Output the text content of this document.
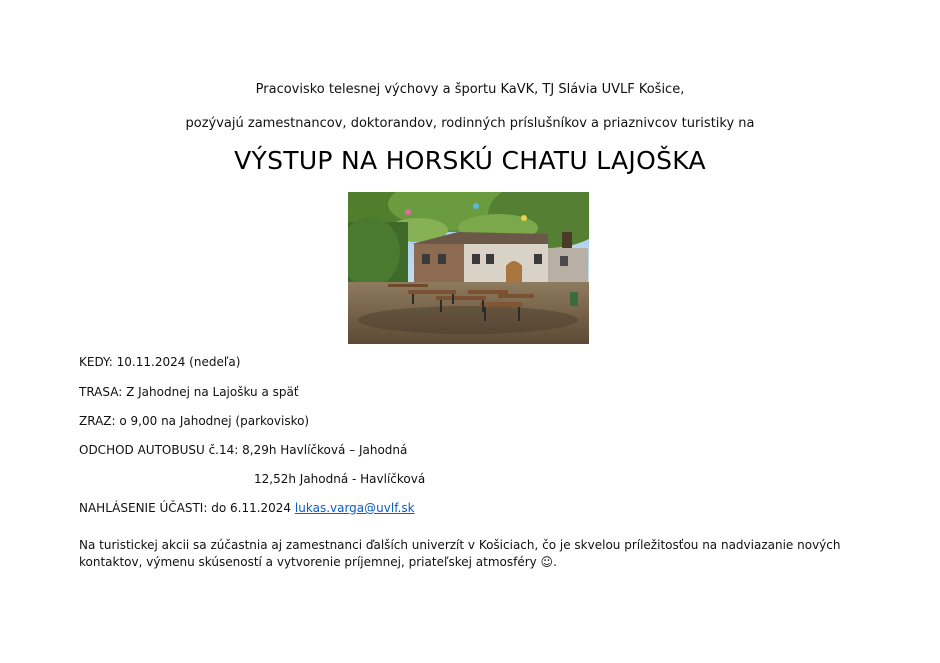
Pracovisko telesnej výchovy a športu KaVK, TJ Slávia UVLF Košice,
pozývajú zamestnancov, doktorandov, rodinných príslušníkov a priaznivcov turistiky na
VÝSTUP NA HORSKÚ CHATU LAJOŠKA
KEDY: 10.11.2024 (nedeľa)
TRASA: Z Jahodnej na Lajošku a späť
ZRAZ: o 9,00 na Jahodnej (parkovisko)
ODCHOD AUTOBUSU č.14: 8,29h Havlíčková – Jahodná
12,52h Jahodná - Havlíčková
NAHLÁSENIE ÚČASTI: do 6.11.2024 lukas.varga@uvlf.sk
Na turistickej akcii sa zúčastnia aj zamestnanci ďalších univerzít v Košiciach, čo je skvelou príležitosťou na nadviazanie nových kontaktov, výmenu skúseností a vytvorenie príjemnej, priateľskej atmosféry ☺.
